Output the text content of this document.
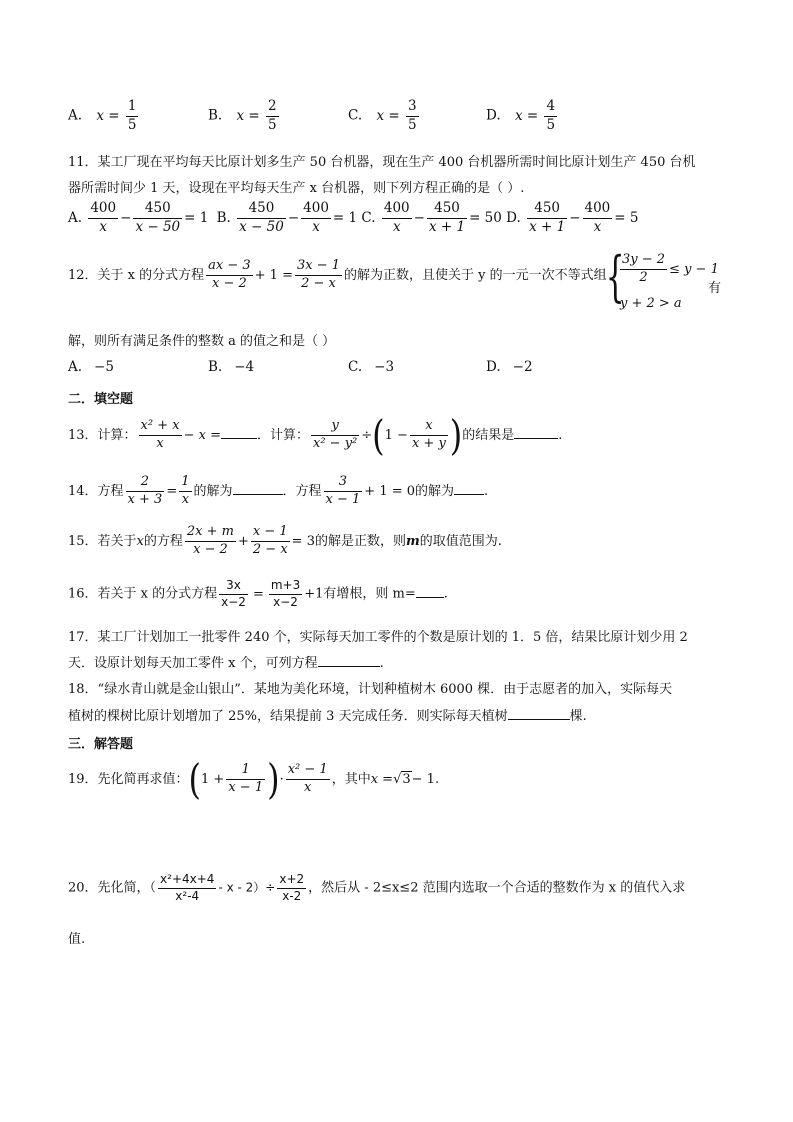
A. $x = \frac{1}{5}$	B. $x = \frac{2}{5}$	C. $x = \frac{3}{5}$	D. $x = \frac{4}{5}$
11．某工厂现在平均每天比原计划多生产 50 台机器，现在生产 400 台机器所需时间比原计划生产 450 台机
器所需时间少 1 天，设现在平均每天生产 x 台机器，则下列方程正确的是（ ）.
A. $\frac{400}{x} - \frac{450}{x - 50} = 1$ B. $\frac{450}{x - 50} - \frac{400}{x} = 1$ C. $\frac{400}{x} - \frac{450}{x + 1} = 50$ D. $\frac{450}{x + 1} - \frac{400}{x} = 5$
12．关于 x 的分式方程 $\frac{ax - 3}{x - 2} + 1 = \frac{3x - 1}{2 - x}$ 的解为正数，且使关于 y 的一元一次不等式组 {
$\frac{3y - 2}{2} \le y - 1$
y + 2 > a
有
解，则所有满足条件的整数 a 的值之和是（ ）
A. −5	B. −4	C. −3	D. −2
二．填空题
13．计算： $\frac{\text{x² + x}}{x} - x$ =	．计算： $\frac{y}{\text{x² − y²}} \div(1 - \frac{x}{x + y}$ )的结果是	.
14．方程 $\frac{2}{x + 3} = \frac{1}{x}$ 的解为	．方程 $\frac{3}{x - 1} + 1 = 0$的解为 .
15．若关于x的方程 $\frac{2x + m}{x - 2} + \frac{x - 1}{2 - x} = 3$的解是正数，则m的取值范围为.
16．若关于 x 的分式方程 $\frac{3x}{x-2} = \frac{m+3}{x-2} +1$有增根，则 m= .
17．某工厂计划加工一批零件 240 个，实际每天加工零件的个数是原计划的 1．5 倍，结果比原计划少用 2
天．设原计划每天加工零件 x 个，可列方程	.
18．“绿水青山就是金山银山”．某地为美化环境，计划种植树木 6000 棵．由于志愿者的加入，实际每天
植树的棵树比原计划增加了 25%，结果提前 3 天完成任务．则实际每天植树	棵.
三．解答题
19．先化简再求值：($1 + \frac{1}{x - 1}$ )· $\frac{\text{x² − 1}}{x}$ ，其中x =√3− 1.
20．先化简，（ $\frac{\text{x²+4x+4}}{\text{x²-4}} - x - 2)\div \frac{x+2}{x-2}$ ，然后从 - 2≤x≤2 范围内选取一个合适的整数作为 x 的值代入求
值.
